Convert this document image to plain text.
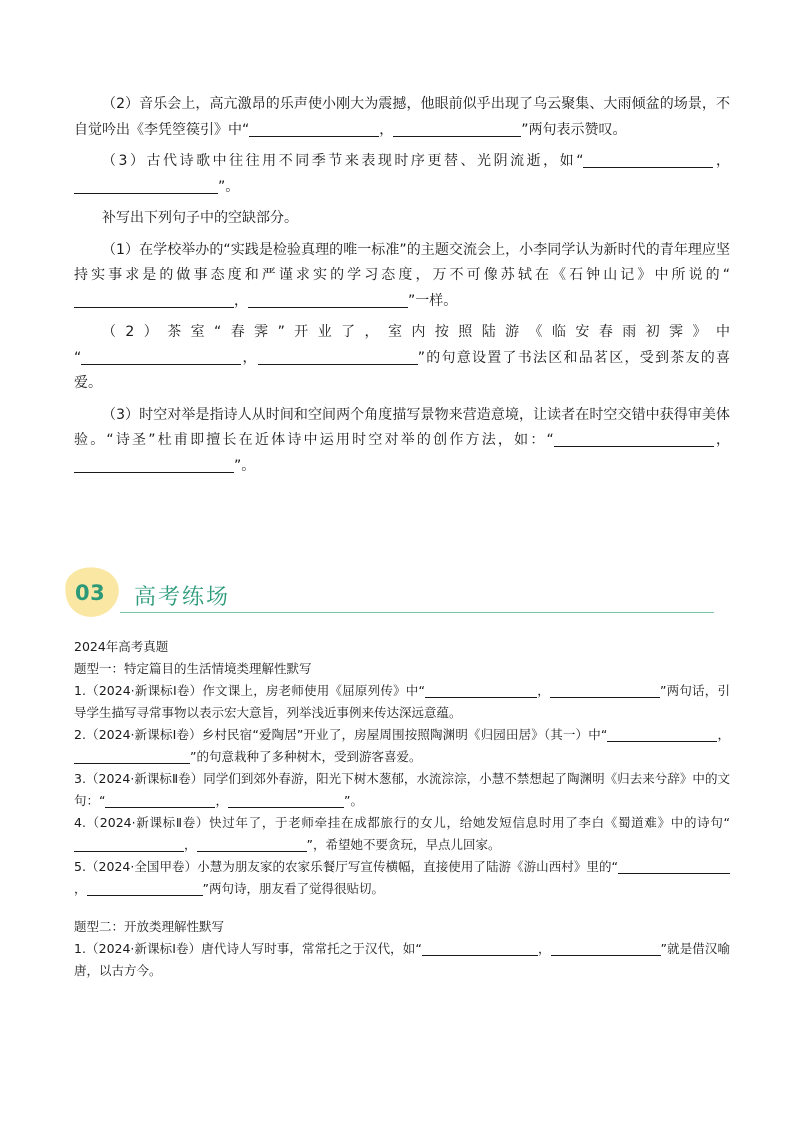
（2）音乐会上，高亢激昂的乐声使小刚大为震撼，他眼前似乎出现了乌云聚集、大雨倾盆的场景，不自觉吟出《李凭箜篌引》中“	，	”两句表示赞叹。

（3）古代诗歌中往往用不同季节来表现时序更替、光阴流逝，如“	，”。

补写出下列句子中的空缺部分。

（1）在学校举办的“实践是检验真理的唯一标准”的主题交流会上，小李同学认为新时代的青年理应坚持实事求是的做事态度和严谨求实的学习态度，万不可像苏轼在《石钟山记》中所说的“ ，	”一样。

（2）茶室“春霁”开业了，室内按照陆游《临安春雨初霁》中

“	，	”的句意设置了书法区和品茗区，受到茶友的喜爱。

（3）时空对举是指诗人从时间和空间两个角度描写景物来营造意境，让读者在时空交错中获得审美体验。“诗圣”杜甫即擅长在近体诗中运用时空对举的创作方法，如：“	，”。

03 高考练场

2024年高考真题

题型一：特定篇目的生活情境类理解性默写

1.（2024·新课标Ⅰ卷）作文课上，房老师使用《屈原列传》中“	，	”两句话，引导学生描写寻常事物以表示宏大意旨，列举浅近事例来传达深远意蕴。

2.（2024·新课标Ⅰ卷）乡村民宿“爱陶居”开业了，房屋周围按照陶渊明《归园田居》（其一）中“	，”的句意栽种了多种树木，受到游客喜爱。

3.（2024·新课标Ⅱ卷）同学们到郊外春游，阳光下树木葱郁，水流淙淙，小慧不禁想起了陶渊明《归去来兮辞》中的文句：“	，	”。

4.（2024·新课标Ⅱ卷）快过年了，于老师牵挂在成都旅行的女儿，给她发短信息时用了李白《蜀道难》中的诗句“，	”，希望她不要贪玩，早点儿回家。

5.（2024·全国甲卷）小慧为朋友家的农家乐餐厅写宣传横幅，直接使用了陆游《游山西村》里的“，	”两句诗，朋友看了觉得很贴切。

题型二：开放类理解性默写

1.（2024·新课标Ⅰ卷）唐代诗人写时事，常常托之于汉代，如“	，	”就是借汉喻唐，以古方今。
